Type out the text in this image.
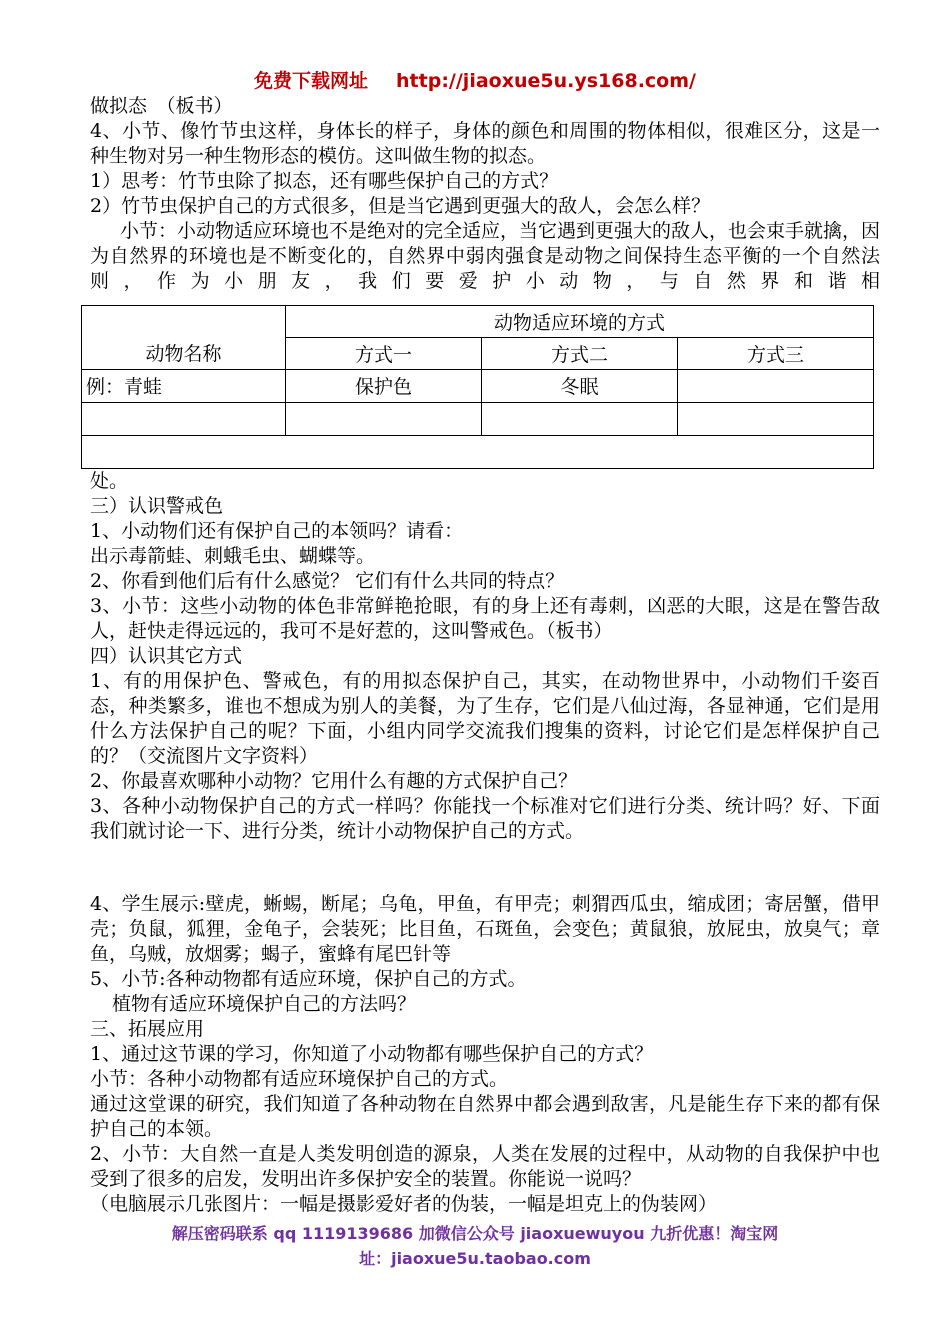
免费下载网址 http://jiaoxue5u.ys168.com/

做拟态　（板书）

4、小节、像竹节虫这样，身体长的样子，身体的颜色和周围的物体相似，很难区分，这是一种生物对另一种生物形态的模仿。这叫做生物的拟态。

1）思考：竹节虫除了拟态，还有哪些保护自己的方式？

2）竹节虫保护自己的方式很多，但是当它遇到更强大的敌人，会怎么样？

小节：小动物适应环境也不是绝对的完全适应，当它遇到更强大的敌人，也会束手就擒，因为自然界的环境也是不断变化的，自然界中弱肉强食是动物之间保持生态平衡的一个自然法则，作为小朋友，我们要爱护小动物，与自然界和谐相

动物名称	动物适应环境的方式		
	方式一	方式二	方式三
例：青蛙	保护色	冬眠	

处。

三）认识警戒色

1、小动物们还有保护自己的本领吗？请看：

出示毒箭蛙、刺蛾毛虫、蝴蝶等。

2、你看到他们后有什么感觉？ 它们有什么共同的特点？

3、小节：这些小动物的体色非常鲜艳抢眼，有的身上还有毒刺，凶恶的大眼，这是在警告敌人，赶快走得远远的，我可不是好惹的，这叫警戒色。（板书）

四）认识其它方式

1、有的用保护色、警戒色，有的用拟态保护自己，其实，在动物世界中，小动物们千姿百态，种类繁多，谁也不想成为别人的美餐，为了生存，它们是八仙过海，各显神通，它们是用什么方法保护自己的呢？下面，小组内同学交流我们搜集的资料，讨论它们是怎样保护自己的？（交流图片文字资料）

2、你最喜欢哪种小动物？它用什么有趣的方式保护自己？

3、各种小动物保护自己的方式一样吗？你能找一个标准对它们进行分类、统计吗？好、下面我们就讨论一下、进行分类，统计小动物保护自己的方式。

4、学生展示:壁虎，蜥蜴，断尾；乌龟，甲鱼，有甲壳；刺猬西瓜虫，缩成团；寄居蟹，借甲壳；负鼠，狐狸，金龟子，会装死；比目鱼，石斑鱼，会变色；黄鼠狼，放屁虫，放臭气；章鱼，乌贼，放烟雾；蝎子，蜜蜂有尾巴针等

5、小节:各种动物都有适应环境，保护自己的方式。

植物有适应环境保护自己的方法吗？

三、拓展应用

1、通过这节课的学习，你知道了小动物都有哪些保护自己的方式？

小节：各种小动物都有适应环境保护自己的方式。

通过这堂课的研究，我们知道了各种动物在自然界中都会遇到敌害，凡是能生存下来的都有保护自己的本领。

2、小节：大自然一直是人类发明创造的源泉，人类在发展的过程中，从动物的自我保护中也受到了很多的启发，发明出许多保护安全的装置。你能说一说吗？

（电脑展示几张图片：一幅是摄影爱好者的伪装，一幅是坦克上的伪装网）

解压密码联系 qq 1119139686 加微信公众号 jiaoxuewuyou 九折优惠！淘宝网
址：jiaoxue5u.taobao.com
